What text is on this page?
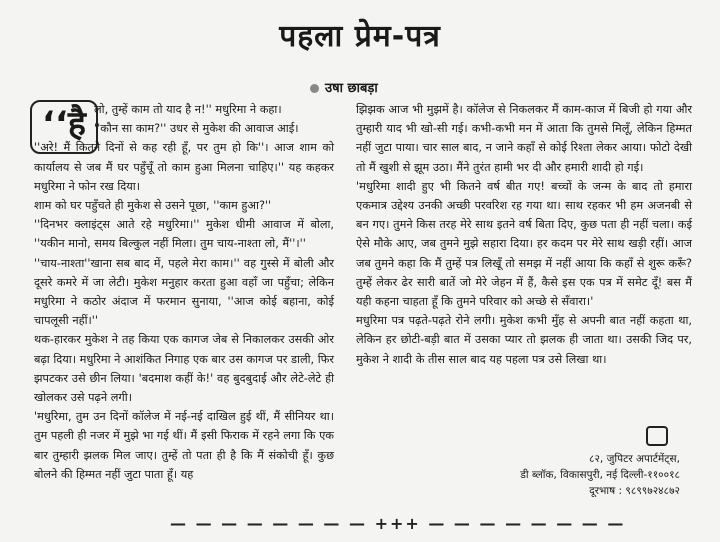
पहला प्रेम-पत्र
उषा छाबड़ा
‘‘है लो, तुम्हें काम तो याद है न!'' मधुरिमा ने कहा।

''कौन सा काम?'' उधर से मुकेश की आवाज आई।

''अरे! मैं कितने दिनों से कह रही हूँ, पर तुम हो कि''। आज शाम को कार्यालय से जब मैं घर पहुँचूँ तो काम हुआ मिलना चाहिए।'' यह कहकर मधुरिमा ने फोन रख दिया।

शाम को घर पहुँचते ही मुकेश से उसने पूछा, ''काम हुआ?''

''दिनभर क्लाइंट्स आते रहे मधुरिमा।'' मुकेश धीमी आवाज में बोला, ''यकीन मानो, समय बिल्कुल नहीं मिला। तुम चाय-नाश्ता लो, मैं''।''

''चाय-नाश्ता''खाना सब बाद में, पहले मेरा काम।'' वह गुस्से में बोली और दूसरे कमरे में जा लेटी। मुकेश मनुहार करता हुआ वहाँ जा पहुँचा; लेकिन मधुरिमा ने कठोर अंदाज में फरमान सुनाया, ''आज कोई बहाना, कोई चापलूसी नहीं।''

थक-हारकर मुकेश ने तह किया एक कागज जेब से निकालकर उसकी ओर बढ़ा दिया। मधुरिमा ने आशंकित निगाह एक बार उस कागज पर डाली, फिर झपटकर उसे छीन लिया। 'बदमाश कहीं के!' वह बुदबुदाई और लेटे-लेटे ही खोलकर उसे पढ़ने लगी।

'मधुरिमा, तुम उन दिनों कॉलेज में नई-नई दाखिल हुई थीं, मैं सीनियर था। तुम पहली ही नजर में मुझे भा गई थीं। मैं इसी फिराक में रहने लगा कि एक बार तुम्हारी झलक मिल जाए। तुम्हें तो पता ही है कि मैं संकोची हूँ। कुछ बोलने की हिम्मत नहीं जुटा पाता हूँ। यह

झिझक आज भी मुझमें है। कॉलेज से निकलकर मैं काम-काज में बिजी हो गया और तुम्हारी याद भी खो-सी गई। कभी-कभी मन में आता कि तुमसे मिलूँ, लेकिन हिम्मत नहीं जुटा पाया। चार साल बाद, न जाने कहाँ से कोई रिश्ता लेकर आया। फोटो देखी तो मैं खुशी से झूम उठा। मैंने तुरंत हामी भर दी और हमारी शादी हो गई।

'मधुरिमा शादी हुए भी कितने वर्ष बीत गए! बच्चों के जन्म के बाद तो हमारा एकमात्र उद्देश्य उनकी अच्छी परवरिश रह गया था। साथ रहकर भी हम अजनबी से बन गए। तुमने किस तरह मेरे साथ इतने वर्ष बिता दिए, कुछ पता ही नहीं चला। कई ऐसे मौके आए, जब तुमने मुझे सहारा दिया। हर कदम पर मेरे साथ खड़ी रहीं। आज जब तुमने कहा कि मैं तुम्हें पत्र लिखूँ तो समझ में नहीं आया कि कहाँ से शुरू करूँ? तुम्हें लेकर ढेर सारी बातें जो मेरे जेहन में हैं, कैसे इस एक पत्र में समेट दूँ! बस मैं यही कहना चाहता हूँ कि तुमने परिवार को अच्छे से सँवारा।'

मधुरिमा पत्र पढ़ते-पढ़ते रोने लगी। मुकेश कभी मुँह से अपनी बात नहीं कहता था, लेकिन हर छोटी-बड़ी बात में उसका प्यार तो झलक ही जाता था। उसकी जिद पर, मुकेश ने शादी के तीस साल बाद यह पहला पत्र उसे लिखा था।

८२, जुपिटर अपार्टमेंट्स,
डी ब्लॉक, विकासपुरी, नई दिल्ली-११००१८
दूरभाष : ९८९९७२४८७२
— — — — — — — — +++ — — — — — — — —
